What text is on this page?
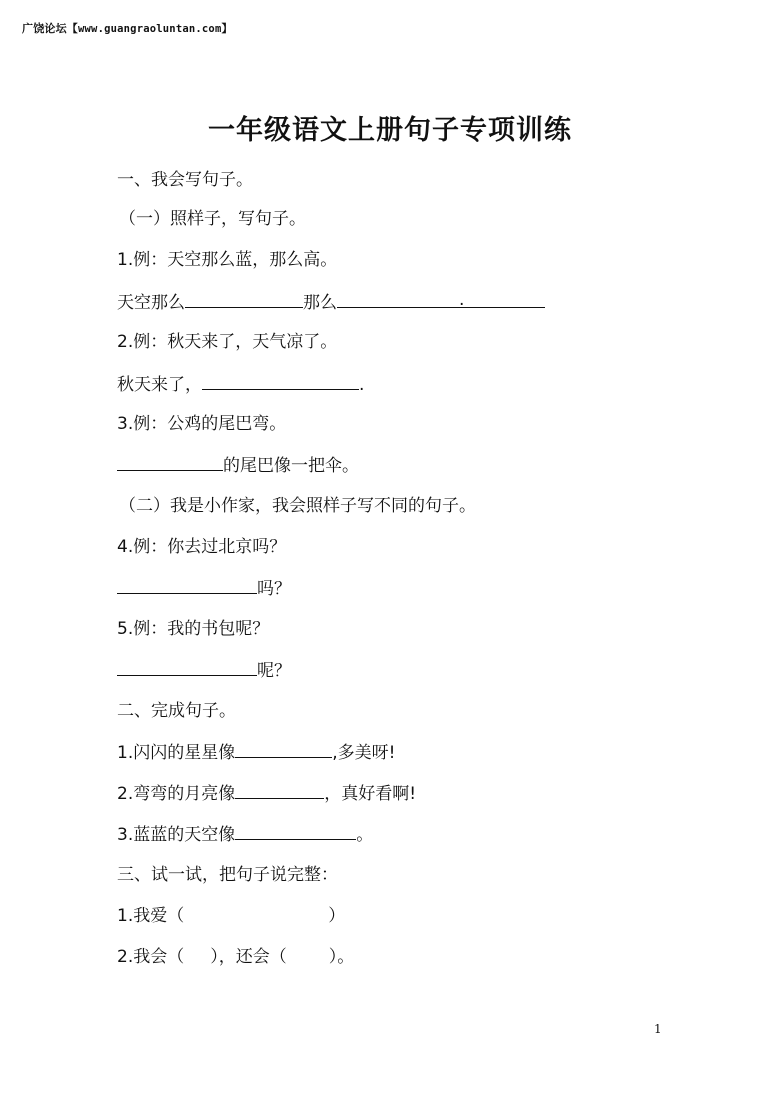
广饶论坛【www.guangraoluntan.com】
一年级语文上册句子专项训练
一、我会写句子。
（一）照样子，写句子。
1.例：天空那么蓝，那么高。
天空那么	那么	.
2.例：秋天来了，天气凉了。
秋天来了，	.
3.例：公鸡的尾巴弯。
的尾巴像一把伞。
（二）我是小作家，我会照样子写不同的句子。
4.例：你去过北京吗？
吗？
5.例：我的书包呢？
呢？
二、完成句子。
1.闪闪的星星像	,多美呀!
2.弯弯的月亮像	，真好看啊!
3.蓝蓝的天空像	。
三、试一试，把句子说完整：
1.我爱（	）
2.我会（ ），还会（ ）。
1
